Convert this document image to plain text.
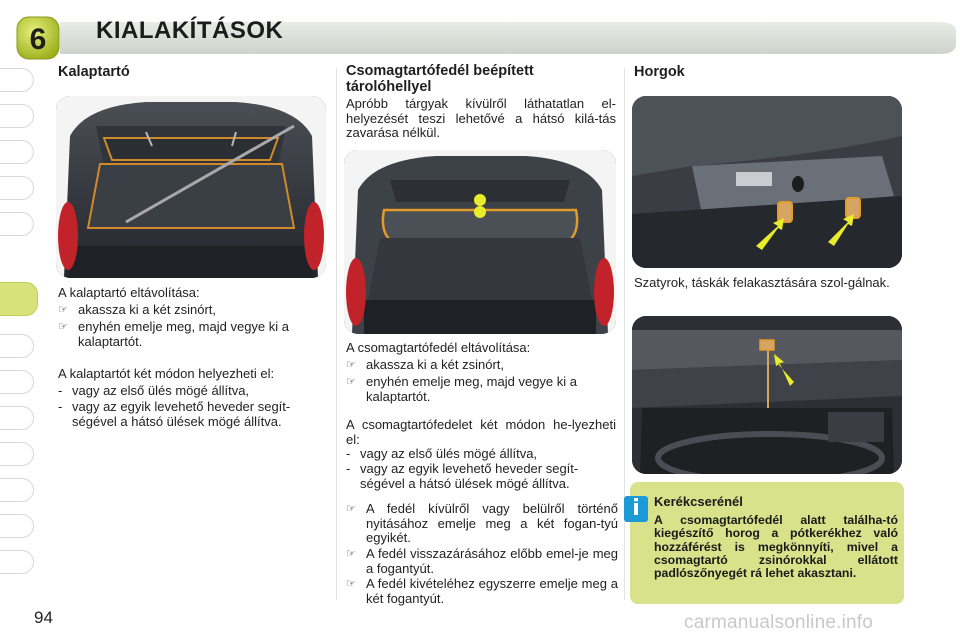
6 KIALAKÍTÁSOK
Kalaptartó
A kalaptartó eltávolítása:
☞ akassza ki a két zsinórt,
☞ enyhén emelje meg, majd vegye ki a kalaptartót.
A kalaptartót két módon helyezheti el:
- vagy az első ülés mögé állítva,
- vagy az egyik levehető heveder segít-ségével a hátsó ülések mögé állítva.
Csomagtartófedél beépített tárolóhellyel
Apróbb tárgyak kívülről láthatatlan el-helyezését teszi lehetővé a hátsó kilá-tás zavarása nélkül.
A csomagtartófedél eltávolítása:
☞ akassza ki a két zsinórt,
☞ enyhén emelje meg, majd vegye ki a kalaptartót.
A csomagtartófedelet két módon he-lyezheti el:
- vagy az első ülés mögé állítva,
- vagy az egyik levehető heveder segít-ségével a hátsó ülések mögé állítva.
☞ A fedél kívülről vagy belülről történő nyitásához emelje meg a két fogan-tyú egyikét.
☞ A fedél visszazárásához előbb emel-je meg a fogantyút.
☞ A fedél kivételéhez egyszerre emelje meg a két fogantyút.
Horgok
Szatyrok, táskák felakasztására szol-gálnak.
i	Kerékcserénél
A csomagtartófedél alatt találha-tó kiegészítő horog a pótkerékhez való hozzáférést is megkönnyíti, mivel a csomagtartó zsinórokkal ellátott padlószőnyegét rá lehet akasztani.
94	carmanualsonline.info
